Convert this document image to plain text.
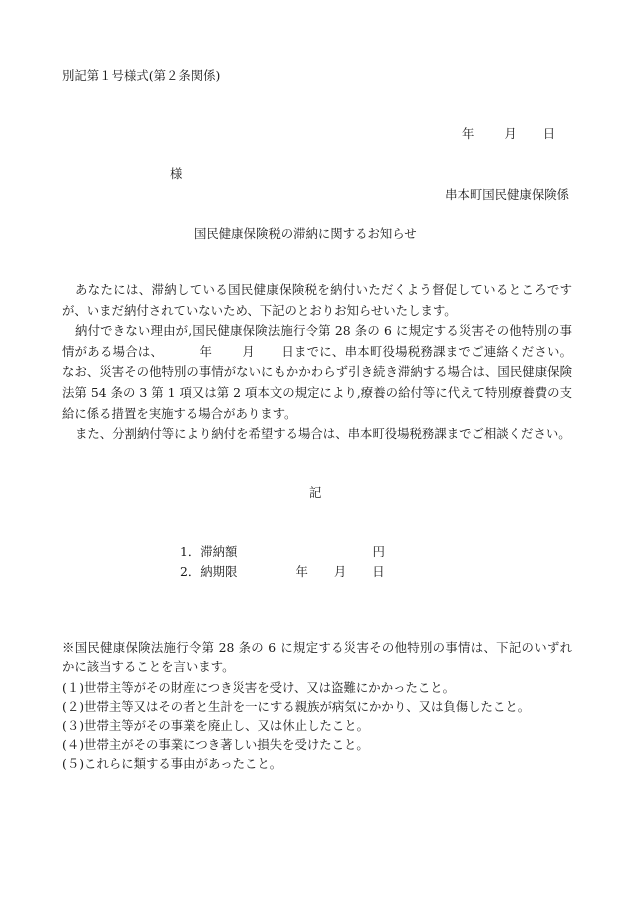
別記第１号様式(第２条関係)
年 月 日
様
串本町国民健康保険係
国民健康保険税の滞納に関するお知らせ

あなたには、滞納している国民健康保険税を納付いただくよう督促しているところですが、いまだ納付されていないため、下記のとおりお知らせいたします。

納付できない理由が,国民健康保険法施行令第 28 条の 6 に規定する災害その他特別の事情がある場合は、	年 月 日までに、串本町役場税務課までご連絡ください。なお、災害その他特別の事情がないにもかかわらず引き続き滞納する場合は、国民健康保険法第 54 条の 3 第 1 項又は第 2 項本文の規定により,療養の給付等に代えて特別療養費の支給に係る措置を実施する場合があります。

また、分割納付等により納付を希望する場合は、串本町役場税務課までご相談ください。

記
1．滞納額	円
2．納期限	年 月 日
※国民健康保険法施行令第 28 条の 6 に規定する災害その他特別の事情は、下記のいずれかに該当することを言います。
(１)世帯主等がその財産につき災害を受け、又は盗難にかかったこと。
(２)世帯主等又はその者と生計を一にする親族が病気にかかり、又は負傷したこと。
(３)世帯主等がその事業を廃止し、又は休止したこと。
(４)世帯主がその事業につき著しい損失を受けたこと。
(５)これらに類する事由があったこと。
